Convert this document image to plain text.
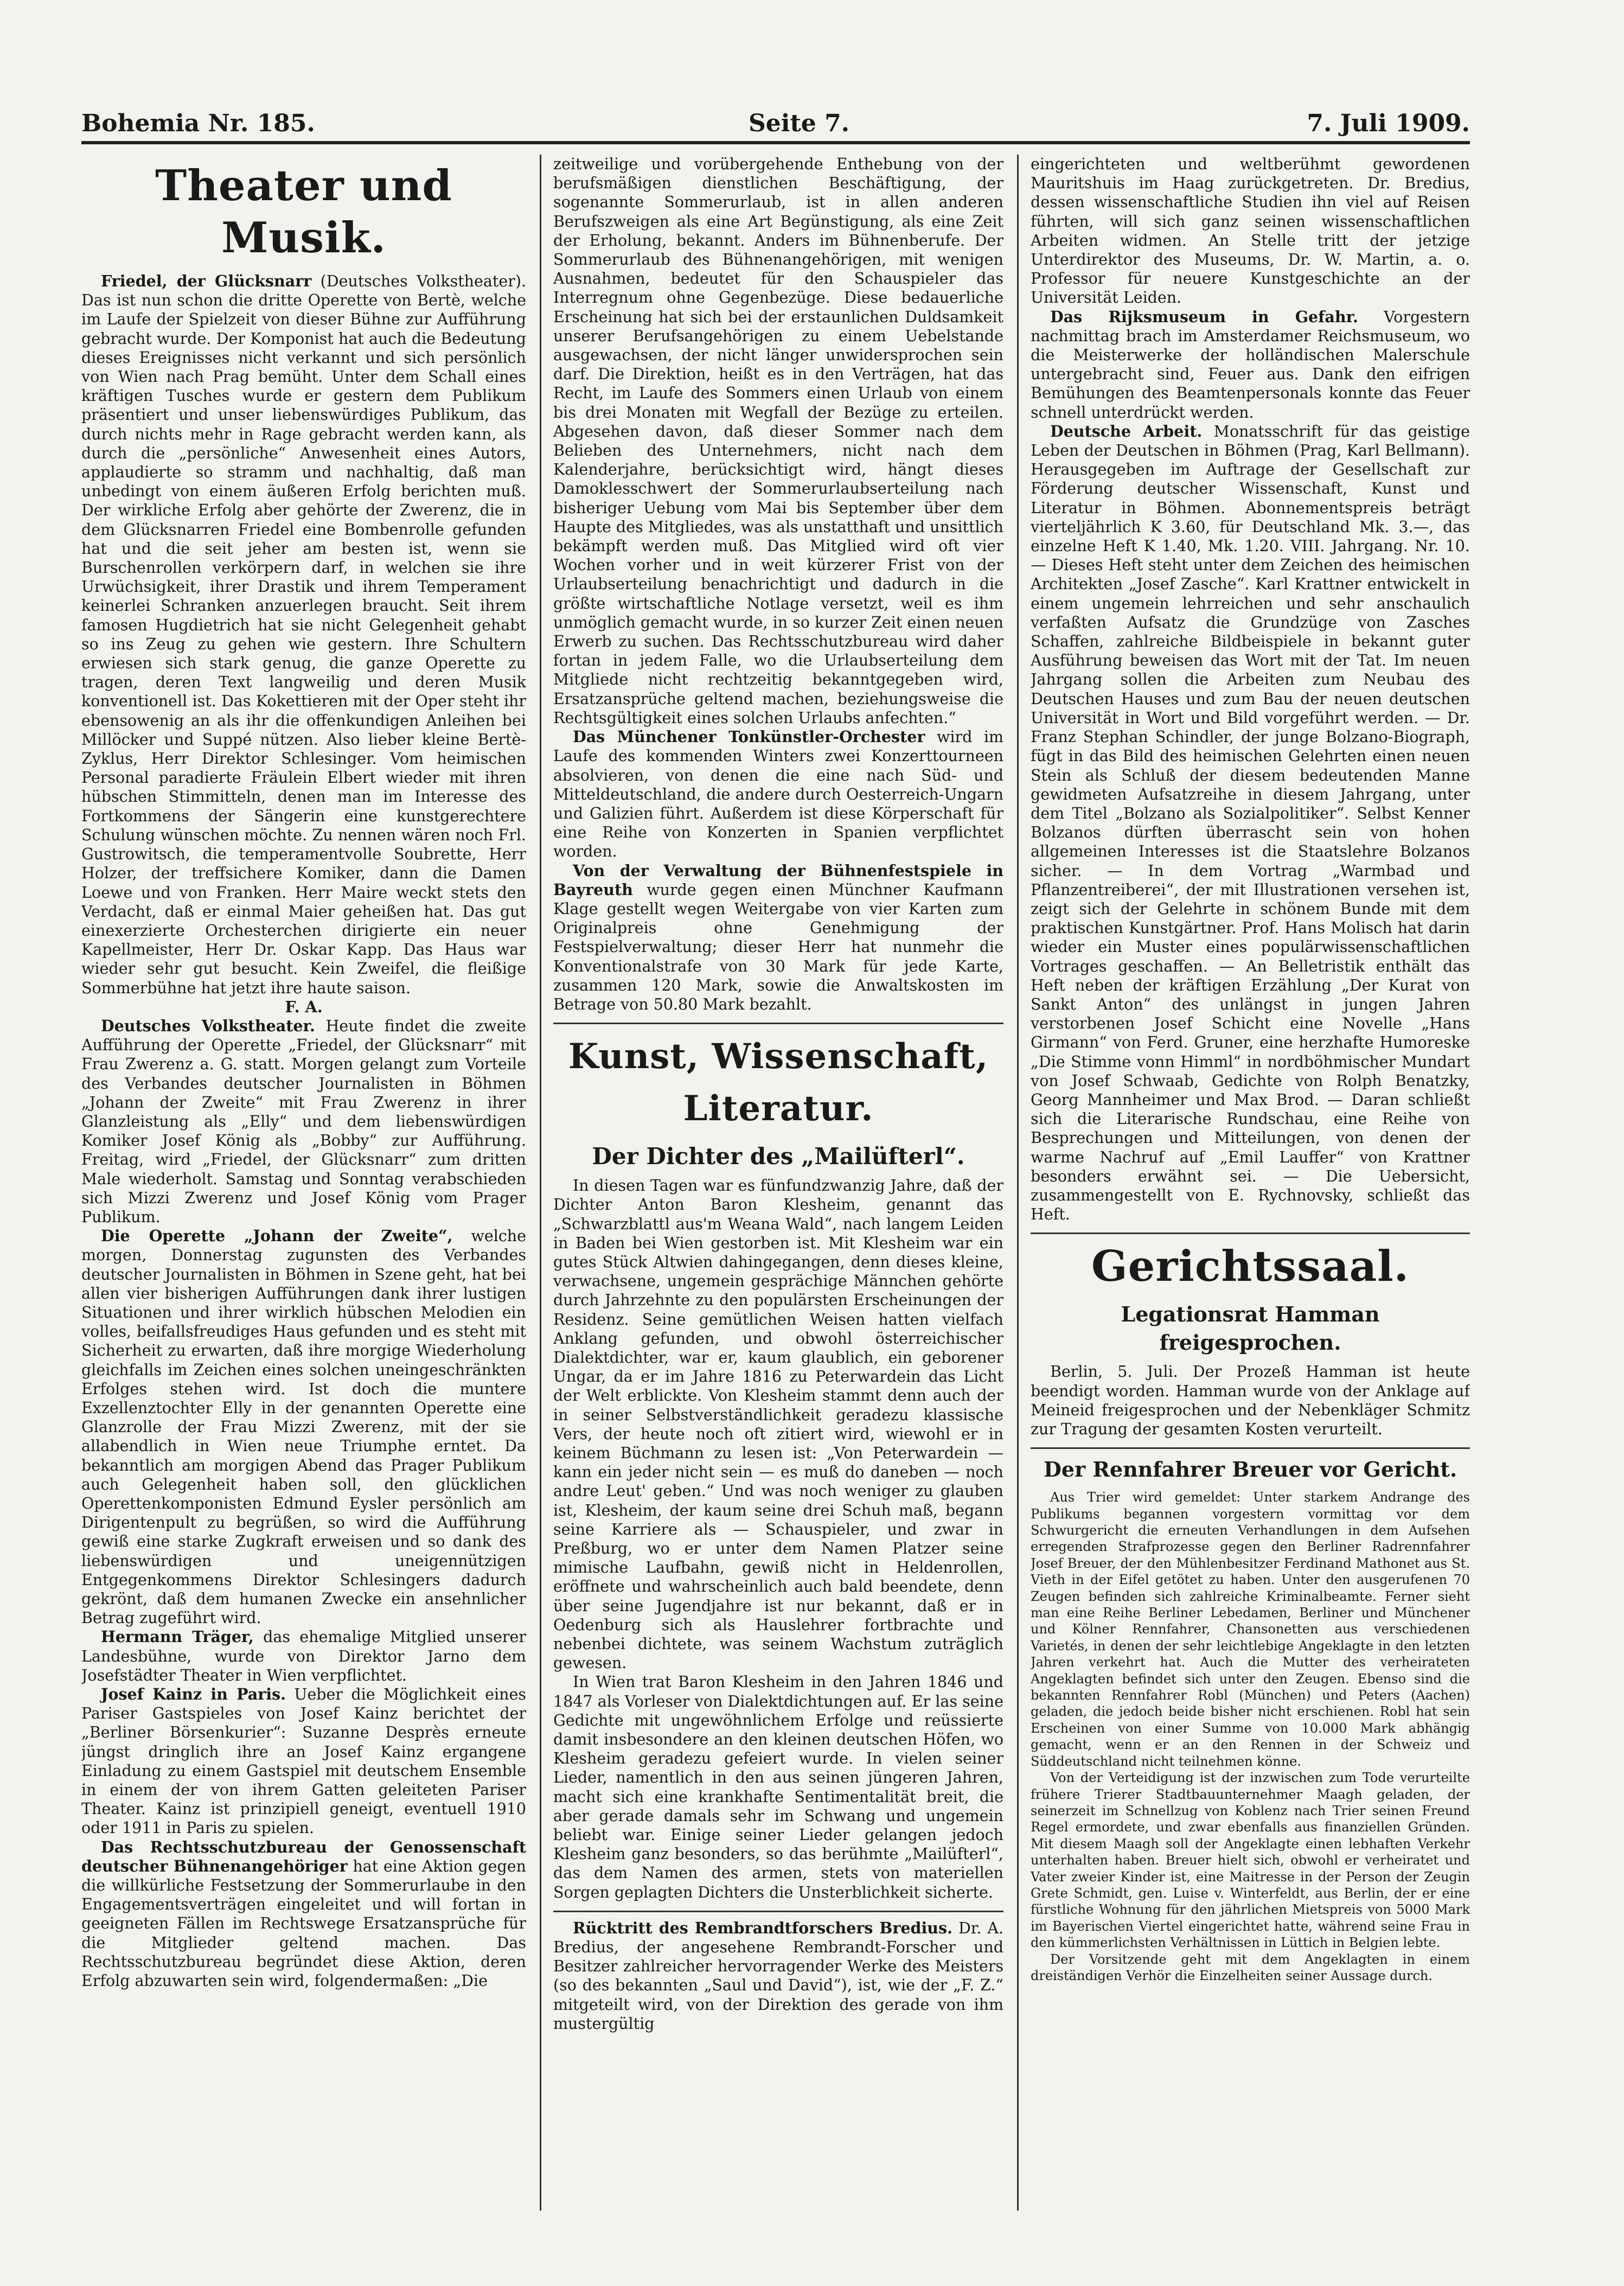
Bohemia Nr. 185.	Seite 7.	7. Juli 1909.
Theater und Musik.

Friedel, der Glücksnarr (Deutsches Volkstheater). Das ist nun schon die dritte Operette von Bertè, welche im Laufe der Spielzeit von dieser Bühne zur Aufführung gebracht wurde. Der Komponist hat auch die Bedeutung dieses Ereignisses nicht verkannt und sich persönlich von Wien nach Prag bemüht. Unter dem Schall eines kräftigen Tusches wurde er gestern dem Publikum präsentiert und unser liebenswürdiges Publikum, das durch nichts mehr in Rage gebracht werden kann, als durch die „persönliche“ Anwesenheit eines Autors, applaudierte so stramm und nachhaltig, daß man unbedingt von einem äußeren Erfolg berichten muß. Der wirkliche Erfolg aber gehörte der Zwerenz, die in dem Glücksnarren Friedel eine Bombenrolle gefunden hat und die seit jeher am besten ist, wenn sie Burschenrollen verkörpern darf, in welchen sie ihre Urwüchsigkeit, ihrer Drastik und ihrem Temperament keinerlei Schranken anzuerlegen braucht. Seit ihrem famosen Hugdietrich hat sie nicht Gelegenheit gehabt so ins Zeug zu gehen wie gestern. Ihre Schultern erwiesen sich stark genug, die ganze Operette zu tragen, deren Text langweilig und deren Musik konventionell ist. Das Kokettieren mit der Oper steht ihr ebensowenig an als ihr die offenkundigen Anleihen bei Millöcker und Suppé nützen. Also lieber kleine Bertè-Zyklus, Herr Direktor Schlesinger. Vom heimischen Personal paradierte Fräulein Elbert wieder mit ihren hübschen Stimmitteln, denen man im Interesse des Fortkommens der Sängerin eine kunstgerechtere Schulung wünschen möchte. Zu nennen wären noch Frl. Gustrowitsch, die temperamentvolle Soubrette, Herr Holzer, der treffsichere Komiker, dann die Damen Loewe und von Franken. Herr Maire weckt stets den Verdacht, daß er einmal Maier geheißen hat. Das gut einexerzierte Orchesterchen dirigierte ein neuer Kapellmeister, Herr Dr. Oskar Kapp. Das Haus war wieder sehr gut besucht. Kein Zweifel, die fleißige Sommerbühne hat jetzt ihre haute saison.

F. A.

Deutsches Volkstheater. Heute findet die zweite Aufführung der Operette „Friedel, der Glücksnarr“ mit Frau Zwerenz a. G. statt. Morgen gelangt zum Vorteile des Verbandes deutscher Journalisten in Böhmen „Johann der Zweite“ mit Frau Zwerenz in ihrer Glanzleistung als „Elly“ und dem liebenswürdigen Komiker Josef König als „Bobby“ zur Aufführung. Freitag, wird „Friedel, der Glücksnarr“ zum dritten Male wiederholt. Samstag und Sonntag verabschieden sich Mizzi Zwerenz und Josef König vom Prager Publikum.

Die Operette „Johann der Zweite“, welche morgen, Donnerstag zugunsten des Verbandes deutscher Journalisten in Böhmen in Szene geht, hat bei allen vier bisherigen Aufführungen dank ihrer lustigen Situationen und ihrer wirklich hübschen Melodien ein volles, beifallsfreudiges Haus gefunden und es steht mit Sicherheit zu erwarten, daß ihre morgige Wiederholung gleichfalls im Zeichen eines solchen uneingeschränkten Erfolges stehen wird. Ist doch die muntere Exzellenztochter Elly in der genannten Operette eine Glanzrolle der Frau Mizzi Zwerenz, mit der sie allabendlich in Wien neue Triumphe erntet. Da bekanntlich am morgigen Abend das Prager Publikum auch Gelegenheit haben soll, den glücklichen Operettenkomponisten Edmund Eysler persönlich am Dirigentenpult zu begrüßen, so wird die Aufführung gewiß eine starke Zugkraft erweisen und so dank des liebenswürdigen und uneigennützigen Entgegenkommens Direktor Schlesingers dadurch gekrönt, daß dem humanen Zwecke ein ansehnlicher Betrag zugeführt wird.

Hermann Träger, das ehemalige Mitglied unserer Landesbühne, wurde von Direktor Jarno dem Josefstädter Theater in Wien verpflichtet.

Josef Kainz in Paris. Ueber die Möglichkeit eines Pariser Gastspieles von Josef Kainz berichtet der „Berliner Börsenkurier“: Suzanne Desprès erneute jüngst dringlich ihre an Josef Kainz ergangene Einladung zu einem Gastspiel mit deutschem Ensemble in einem der von ihrem Gatten geleiteten Pariser Theater. Kainz ist prinzipiell geneigt, eventuell 1910 oder 1911 in Paris zu spielen.

Das Rechtsschutzbureau der Genossenschaft deutscher Bühnenangehöriger hat eine Aktion gegen die willkürliche Festsetzung der Sommerurlaube in den Engagementsverträgen eingeleitet und will fortan in geeigneten Fällen im Rechtswege Ersatzansprüche für die Mitglieder geltend machen. Das Rechtsschutzbureau begründet diese Aktion, deren Erfolg abzuwarten sein wird, folgendermaßen: „Die

zeitweilige und vorübergehende Enthebung von der berufsmäßigen dienstlichen Beschäftigung, der sogenannte Sommerurlaub, ist in allen anderen Berufszweigen als eine Art Begünstigung, als eine Zeit der Erholung, bekannt. Anders im Bühnenberufe. Der Sommerurlaub des Bühnenangehörigen, mit wenigen Ausnahmen, bedeutet für den Schauspieler das Interregnum ohne Gegenbezüge. Diese bedauerliche Erscheinung hat sich bei der erstaunlichen Duldsamkeit unserer Berufsangehörigen zu einem Uebelstande ausgewachsen, der nicht länger unwidersprochen sein darf. Die Direktion, heißt es in den Verträgen, hat das Recht, im Laufe des Sommers einen Urlaub von einem bis drei Monaten mit Wegfall der Bezüge zu erteilen. Abgesehen davon, daß dieser Sommer nach dem Belieben des Unternehmers, nicht nach dem Kalenderjahre, berücksichtigt wird, hängt dieses Damoklesschwert der Sommerurlaubserteilung nach bisheriger Uebung vom Mai bis September über dem Haupte des Mitgliedes, was als unstatthaft und unsittlich bekämpft werden muß. Das Mitglied wird oft vier Wochen vorher und in weit kürzerer Frist von der Urlaubserteilung benachrichtigt und dadurch in die größte wirtschaftliche Notlage versetzt, weil es ihm unmöglich gemacht wurde, in so kurzer Zeit einen neuen Erwerb zu suchen. Das Rechtsschutzbureau wird daher fortan in jedem Falle, wo die Urlaubserteilung dem Mitgliede nicht rechtzeitig bekanntgegeben wird, Ersatzansprüche geltend machen, beziehungsweise die Rechtsgültigkeit eines solchen Urlaubs anfechten.“

Das Münchener Tonkünstler-Orchester wird im Laufe des kommenden Winters zwei Konzerttourneen absolvieren, von denen die eine nach Süd- und Mitteldeutschland, die andere durch Oesterreich-Ungarn und Galizien führt. Außerdem ist diese Körperschaft für eine Reihe von Konzerten in Spanien verpflichtet worden.

Von der Verwaltung der Bühnenfestspiele in Bayreuth wurde gegen einen Münchner Kaufmann Klage gestellt wegen Weitergabe von vier Karten zum Originalpreis ohne Genehmigung der Festspielverwaltung; dieser Herr hat nunmehr die Konventionalstrafe von 30 Mark für jede Karte, zusammen 120 Mark, sowie die Anwaltskosten im Betrage von 50.80 Mark bezahlt.

Kunst, Wissenschaft, Literatur.
Der Dichter des „Mailüfterl“.

In diesen Tagen war es fünfundzwanzig Jahre, daß der Dichter Anton Baron Klesheim, genannt das „Schwarzblattl aus'm Weana Wald“, nach langem Leiden in Baden bei Wien gestorben ist. Mit Klesheim war ein gutes Stück Altwien dahingegangen, denn dieses kleine, verwachsene, ungemein gesprächige Männchen gehörte durch Jahrzehnte zu den populärsten Erscheinungen der Residenz. Seine gemütlichen Weisen hatten vielfach Anklang gefunden, und obwohl österreichischer Dialektdichter, war er, kaum glaublich, ein geborener Ungar, da er im Jahre 1816 zu Peterwardein das Licht der Welt erblickte. Von Klesheim stammt denn auch der in seiner Selbstverständlichkeit geradezu klassische Vers, der heute noch oft zitiert wird, wiewohl er in keinem Büchmann zu lesen ist: „Von Peterwardein — kann ein jeder nicht sein — es muß do daneben — noch andre Leut' geben.“ Und was noch weniger zu glauben ist, Klesheim, der kaum seine drei Schuh maß, begann seine Karriere als — Schauspieler, und zwar in Preßburg, wo er unter dem Namen Platzer seine mimische Laufbahn, gewiß nicht in Heldenrollen, eröffnete und wahrscheinlich auch bald beendete, denn über seine Jugendjahre ist nur bekannt, daß er in Oedenburg sich als Hauslehrer fortbrachte und nebenbei dichtete, was seinem Wachstum zuträglich gewesen.

In Wien trat Baron Klesheim in den Jahren 1846 und 1847 als Vorleser von Dialektdichtungen auf. Er las seine Gedichte mit ungewöhnlichem Erfolge und reüssierte damit insbesondere an den kleinen deutschen Höfen, wo Klesheim geradezu gefeiert wurde. In vielen seiner Lieder, namentlich in den aus seinen jüngeren Jahren, macht sich eine krankhafte Sentimentalität breit, die aber gerade damals sehr im Schwang und ungemein beliebt war. Einige seiner Lieder gelangen jedoch Klesheim ganz besonders, so das berühmte „Mailüfterl“, das dem Namen des armen, stets von materiellen Sorgen geplagten Dichters die Unsterblichkeit sicherte.

Rücktritt des Rembrandtforschers Bredius. Dr. A. Bredius, der angesehene Rembrandt-Forscher und Besitzer zahlreicher hervorragender Werke des Meisters (so des bekannten „Saul und David“), ist, wie der „F. Z.“ mitgeteilt wird, von der Direktion des gerade von ihm mustergültig

eingerichteten und weltberühmt gewordenen Mauritshuis im Haag zurückgetreten. Dr. Bredius, dessen wissenschaftliche Studien ihn viel auf Reisen führten, will sich ganz seinen wissenschaftlichen Arbeiten widmen. An Stelle tritt der jetzige Unterdirektor des Museums, Dr. W. Martin, a. o. Professor für neuere Kunstgeschichte an der Universität Leiden.

Das Rijksmuseum in Gefahr. Vorgestern nachmittag brach im Amsterdamer Reichsmuseum, wo die Meisterwerke der holländischen Malerschule untergebracht sind, Feuer aus. Dank den eifrigen Bemühungen des Beamtenpersonals konnte das Feuer schnell unterdrückt werden.

Deutsche Arbeit. Monatsschrift für das geistige Leben der Deutschen in Böhmen (Prag, Karl Bellmann). Herausgegeben im Auftrage der Gesellschaft zur Förderung deutscher Wissenschaft, Kunst und Literatur in Böhmen. Abonnementspreis beträgt vierteljährlich K 3.60, für Deutschland Mk. 3.—, das einzelne Heft K 1.40, Mk. 1.20. VIII. Jahrgang. Nr. 10. — Dieses Heft steht unter dem Zeichen des heimischen Architekten „Josef Zasche“. Karl Krattner entwickelt in einem ungemein lehrreichen und sehr anschaulich verfaßten Aufsatz die Grundzüge von Zasches Schaffen, zahlreiche Bildbeispiele in bekannt guter Ausführung beweisen das Wort mit der Tat. Im neuen Jahrgang sollen die Arbeiten zum Neubau des Deutschen Hauses und zum Bau der neuen deutschen Universität in Wort und Bild vorgeführt werden. — Dr. Franz Stephan Schindler, der junge Bolzano-Biograph, fügt in das Bild des heimischen Gelehrten einen neuen Stein als Schluß der diesem bedeutenden Manne gewidmeten Aufsatzreihe in diesem Jahrgang, unter dem Titel „Bolzano als Sozialpolitiker“. Selbst Kenner Bolzanos dürften überrascht sein von hohen allgemeinen Interesses ist die Staatslehre Bolzanos sicher. — In dem Vortrag „Warmbad und Pflanzentreiberei“, der mit Illustrationen versehen ist, zeigt sich der Gelehrte in schönem Bunde mit dem praktischen Kunstgärtner. Prof. Hans Molisch hat darin wieder ein Muster eines populärwissenschaftlichen Vortrages geschaffen. — An Belletristik enthält das Heft neben der kräftigen Erzählung „Der Kurat von Sankt Anton“ des unlängst in jungen Jahren verstorbenen Josef Schicht eine Novelle „Hans Girmann“ von Ferd. Gruner, eine herzhafte Humoreske „Die Stimme vonn Himml“ in nordböhmischer Mundart von Josef Schwaab, Gedichte von Rolph Benatzky, Georg Mannheimer und Max Brod. — Daran schließt sich die Literarische Rundschau, eine Reihe von Besprechungen und Mitteilungen, von denen der warme Nachruf auf „Emil Lauffer“ von Krattner besonders erwähnt sei. — Die Uebersicht, zusammengestellt von E. Rychnovsky, schließt das Heft.

Gerichtssaal.
Legationsrat Hamman freigesprochen.

Berlin, 5. Juli. Der Prozeß Hamman ist heute beendigt worden. Hamman wurde von der Anklage auf Meineid freigesprochen und der Nebenkläger Schmitz zur Tragung der gesamten Kosten verurteilt.

Der Rennfahrer Breuer vor Gericht.

Aus Trier wird gemeldet: Unter starkem Andrange des Publikums begannen vorgestern vormittag vor dem Schwurgericht die erneuten Verhandlungen in dem Aufsehen erregenden Strafprozesse gegen den Berliner Radrennfahrer Josef Breuer, der den Mühlenbesitzer Ferdinand Mathonet aus St. Vieth in der Eifel getötet zu haben. Unter den ausgerufenen 70 Zeugen befinden sich zahlreiche Kriminalbeamte. Ferner sieht man eine Reihe Berliner Lebedamen, Berliner und Münchener und Kölner Rennfahrer, Chansonetten aus verschiedenen Varietés, in denen der sehr leichtlebige Angeklagte in den letzten Jahren verkehrt hat. Auch die Mutter des verheirateten Angeklagten befindet sich unter den Zeugen. Ebenso sind die bekannten Rennfahrer Robl (München) und Peters (Aachen) geladen, die jedoch beide bisher nicht erschienen. Robl hat sein Erscheinen von einer Summe von 10.000 Mark abhängig gemacht, wenn er an den Rennen in der Schweiz und Süddeutschland nicht teilnehmen könne.

Von der Verteidigung ist der inzwischen zum Tode verurteilte frühere Trierer Stadtbauunternehmer Maagh geladen, der seinerzeit im Schnellzug von Koblenz nach Trier seinen Freund Regel ermordete, und zwar ebenfalls aus finanziellen Gründen. Mit diesem Maagh soll der Angeklagte einen lebhaften Verkehr unterhalten haben. Breuer hielt sich, obwohl er verheiratet und Vater zweier Kinder ist, eine Maitresse in der Person der Zeugin Grete Schmidt, gen. Luise v. Winterfeldt, aus Berlin, der er eine fürstliche Wohnung für den jährlichen Mietspreis von 5000 Mark im Bayerischen Viertel eingerichtet hatte, während seine Frau in den kümmerlichsten Verhältnissen in Lüttich in Belgien lebte.

Der Vorsitzende geht mit dem Angeklagten in einem dreiständigen Verhör die Einzelheiten seiner Aussage durch.
